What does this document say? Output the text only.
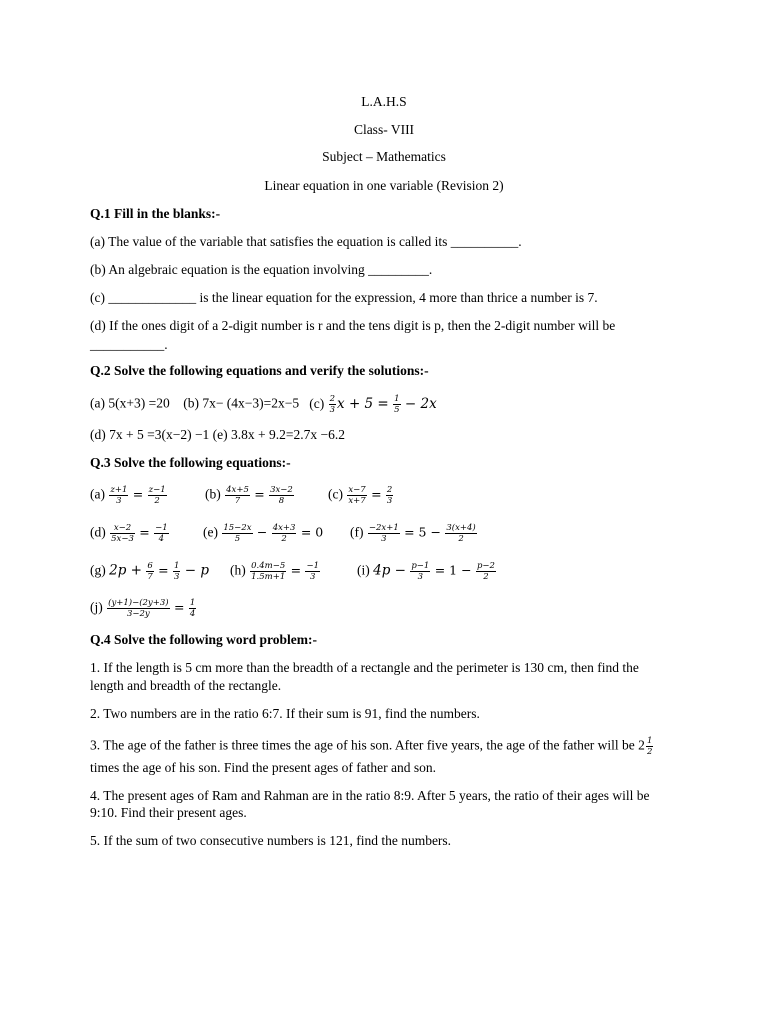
L.A.H.S
Class- VIII
Subject – Mathematics
Linear equation in one variable (Revision 2)
Q.1 Fill in the blanks:-
(a) The value of the variable that satisfies the equation is called its __________.
(b) An algebraic equation is the equation involving _________.
(c) _____________ is the linear equation for the expression, 4 more than thrice a number is 7.
(d) If the ones digit of a 2-digit number is r and the tens digit is p, then the 2-digit number will be
___________.
Q.2 Solve the following equations and verify the solutions:-
(a) 5(x+3) =20 (b) 7x− (4x−3)=2x−5 $(c) \frac{2}{3}$ $x + 5 = \frac{1}{5} - 2x$
(d) 7x + 5 =3(x−2) −1 (e) 3.8x + 9.2=2.7x −6.2
Q.3 Solve the following equations:-
$(a) \frac{z+1}{3} = \frac{z-1}{2}$	$(b) \frac{4x+5}{7} = \frac{3x-2}{8}$	$(c) \frac{x-7}{x+7} = \frac{2}{3}$
$(d) \frac{x-2}{5x-3} = \frac{-1}{4}$	$(e) \frac{15-2x}{5} - \frac{4x+3}{2} = 0$ $(f) \frac{-2x+1}{3} = 5 - \frac{3(x+4)}{2}$
(g) $2p + \frac{6}{7} = \frac{1}{3} - p$ $(h) \frac{0.4m-5}{1.5m+1} = \frac{-1}{3}$	(i) $4p - \frac{p-1}{3} = 1 - \frac{p-2}{2}$
$(j) \frac{(y+1)-(2y+3)}{3-2y} = \frac{1}{4}$
Q.4 Solve the following word problem:-
1. If the length is 5 cm more than the breadth of a rectangle and the perimeter is 130 cm, then find the
length and breadth of the rectangle.
2. Two numbers are in the ratio 6:7. If their sum is 91, find the numbers.
3. The age of the father is three times the age of his son. After five years, the age of the father will be $2 \frac{1}{2}$
times the age of his son. Find the present ages of father and son.
4. The present ages of Ram and Rahman are in the ratio 8:9. After 5 years, the ratio of their ages will be
9:10. Find their present ages.
5. If the sum of two consecutive numbers is 121, find the numbers.
